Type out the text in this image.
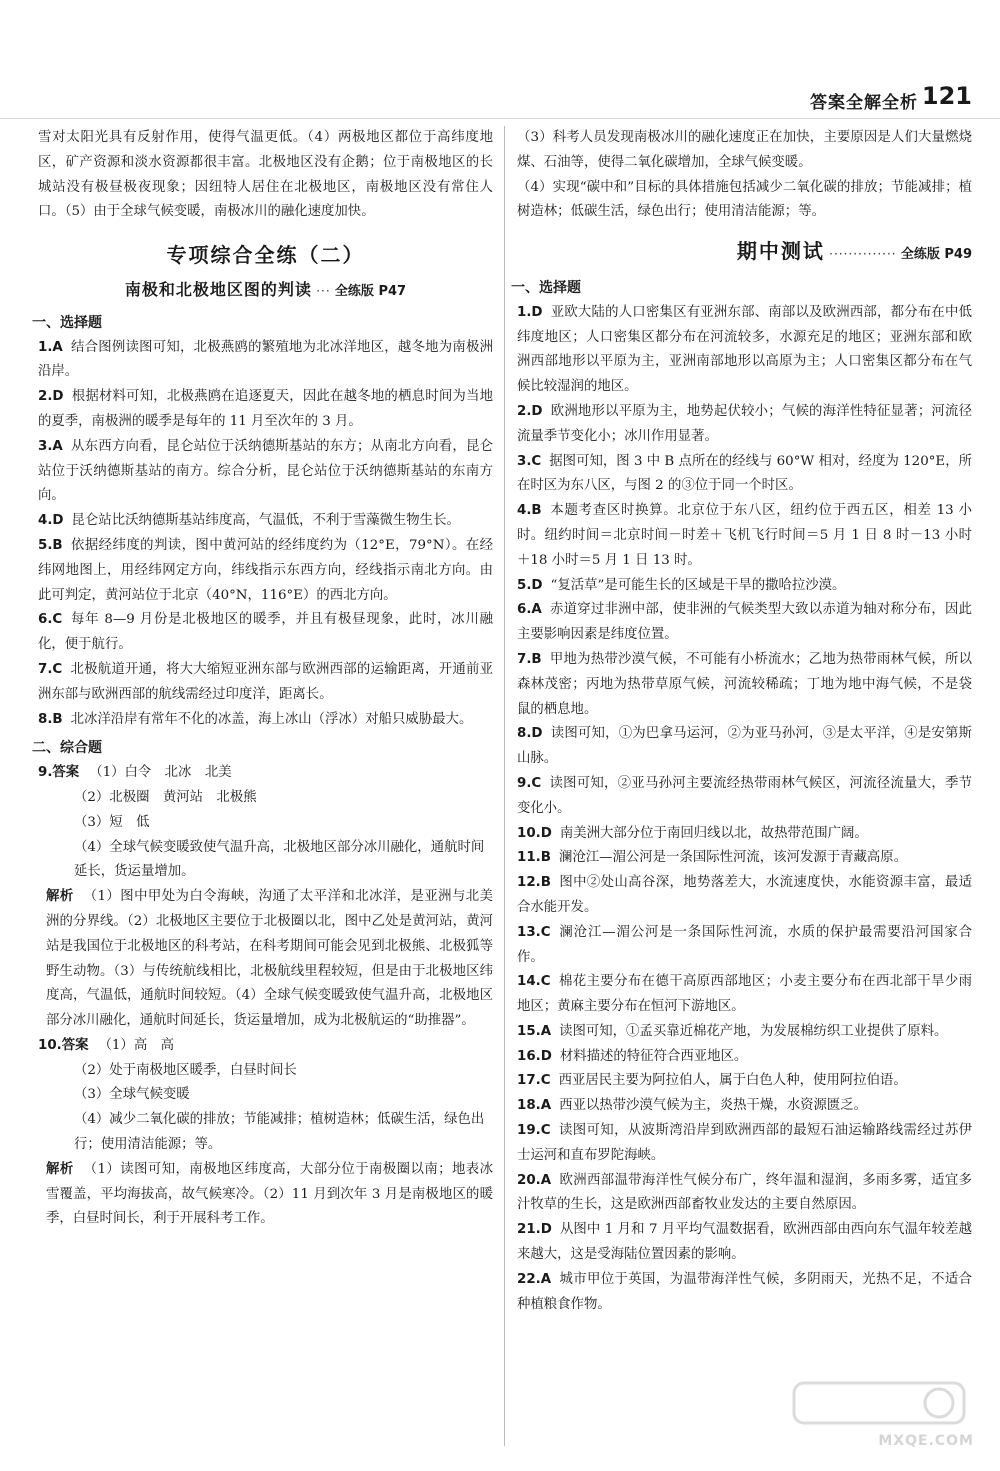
答案全解全析 121

雪对太阳光具有反射作用，使得气温更低。（4）两极地区都位于高纬度地区，矿产资源和淡水资源都很丰富。北极地区没有企鹅；位于南极地区的长城站没有极昼极夜现象；因纽特人居住在北极地区，南极地区没有常住人口。（5）由于全球气候变暖，南极冰川的融化速度加快。

专项综合全练（二）
南极和北极地区图的判读 ··· 全练版 P47
一、选择题

1.A 结合图例读图可知，北极燕鸥的繁殖地为北冰洋地区，越冬地为南极洲沿岸。

2.D 根据材料可知，北极燕鸥在追逐夏天，因此在越冬地的栖息时间为当地的夏季，南极洲的暖季是每年的 11 月至次年的 3 月。

3.A 从东西方向看，昆仑站位于沃纳德斯基站的东方；从南北方向看，昆仑站位于沃纳德斯基站的南方。综合分析，昆仑站位于沃纳德斯基站的东南方向。

4.D 昆仑站比沃纳德斯基站纬度高，气温低，不利于雪藻微生物生长。

5.B 依据经纬度的判读，图中黄河站的经纬度约为（12°E，79°N）。在经纬网地图上，用经纬网定方向，纬线指示东西方向，经线指示南北方向。由此可判定，黄河站位于北京（40°N，116°E）的西北方向。

6.C 每年 8—9 月份是北极地区的暖季，并且有极昼现象，此时，冰川融化，便于航行。

7.C 北极航道开通，将大大缩短亚洲东部与欧洲西部的运输距离，开通前亚洲东部与欧洲西部的航线需经过印度洋，距离长。

8.B 北冰洋沿岸有常年不化的冰盖，海上冰山（浮冰）对船只威胁最大。

二、综合题

9.答案 （1）白令　北冰　北美

（2）北极圈　黄河站　北极熊

（3）短　低

（4）全球气候变暖致使气温升高，北极地区部分冰川融化，通航时间延长，货运量增加。

解析 （1）图中甲处为白令海峡，沟通了太平洋和北冰洋，是亚洲与北美洲的分界线。（2）北极地区主要位于北极圈以北，图中乙处是黄河站，黄河站是我国位于北极地区的科考站，在科考期间可能会见到北极熊、北极狐等野生动物。（3）与传统航线相比，北极航线里程较短，但是由于北极地区纬度高，气温低，通航时间较短。（4）全球气候变暖致使气温升高，北极地区部分冰川融化，通航时间延长，货运量增加，成为北极航运的“助推器”。

10.答案 （1）高　高

（2）处于南极地区暖季，白昼时间长

（3）全球气候变暖

（4）减少二氧化碳的排放；节能减排；植树造林；低碳生活，绿色出行；使用清洁能源；等。

解析 （1）读图可知，南极地区纬度高，大部分位于南极圈以南；地表冰雪覆盖，平均海拔高，故气候寒冷。（2）11 月到次年 3 月是南极地区的暖季，白昼时间长，利于开展科考工作。

（3）科考人员发现南极冰川的融化速度正在加快，主要原因是人们大量燃烧煤、石油等，使得二氧化碳增加，全球气候变暖。

（4）实现“碳中和”目标的具体措施包括减少二氧化碳的排放；节能减排；植树造林；低碳生活，绿色出行；使用清洁能源；等。

期中测试 ·············· 全练版 P49
一、选择题

1.D 亚欧大陆的人口密集区有亚洲东部、南部以及欧洲西部，都分布在中低纬度地区；人口密集区都分布在河流较多，水源充足的地区；亚洲东部和欧洲西部地形以平原为主，亚洲南部地形以高原为主；人口密集区都分布在气候比较湿润的地区。

2.D 欧洲地形以平原为主，地势起伏较小；气候的海洋性特征显著；河流径流量季节变化小；冰川作用显著。

3.C 据图可知，图 3 中 B 点所在的经线与 60°W 相对，经度为 120°E，所在时区为东八区，与图 2 的③位于同一个时区。

4.B 本题考查区时换算。北京位于东八区，纽约位于西五区，相差 13 小时。纽约时间＝北京时间－时差＋飞机飞行时间＝5 月 1 日 8 时－13 小时＋18 小时＝5 月 1 日 13 时。

5.D “复活草”是可能生长的区域是干旱的撒哈拉沙漠。

6.A 赤道穿过非洲中部，使非洲的气候类型大致以赤道为轴对称分布，因此主要影响因素是纬度位置。

7.B 甲地为热带沙漠气候，不可能有小桥流水；乙地为热带雨林气候，所以森林茂密；丙地为热带草原气候，河流较稀疏；丁地为地中海气候，不是袋鼠的栖息地。

8.D 读图可知，①为巴拿马运河，②为亚马孙河，③是太平洋，④是安第斯山脉。

9.C 读图可知，②亚马孙河主要流经热带雨林气候区，河流径流量大，季节变化小。

10.D 南美洲大部分位于南回归线以北，故热带范围广阔。

11.B 澜沧江—湄公河是一条国际性河流，该河发源于青藏高原。

12.B 图中②处山高谷深，地势落差大，水流速度快，水能资源丰富，最适合水能开发。

13.C 澜沧江—湄公河是一条国际性河流，水质的保护最需要沿河国家合作。

14.C 棉花主要分布在德干高原西部地区；小麦主要分布在西北部干旱少雨地区；黄麻主要分布在恒河下游地区。

15.A 读图可知，①孟买靠近棉花产地，为发展棉纺织工业提供了原料。

16.D 材料描述的特征符合西亚地区。

17.C 西亚居民主要为阿拉伯人，属于白色人种，使用阿拉伯语。

18.A 西亚以热带沙漠气候为主，炎热干燥，水资源匮乏。

19.C 读图可知，从波斯湾沿岸到欧洲西部的最短石油运输路线需经过苏伊士运河和直布罗陀海峡。

20.A 欧洲西部温带海洋性气候分布广，终年温和湿润，多雨多雾，适宜多汁牧草的生长，这是欧洲西部畜牧业发达的主要自然原因。

21.D 从图中 1 月和 7 月平均气温数据看，欧洲西部由西向东气温年较差越来越大，这是受海陆位置因素的影响。

22.A 城市甲位于英国，为温带海洋性气候，多阴雨天，光热不足，不适合种植粮食作物。

MXQE.COM
